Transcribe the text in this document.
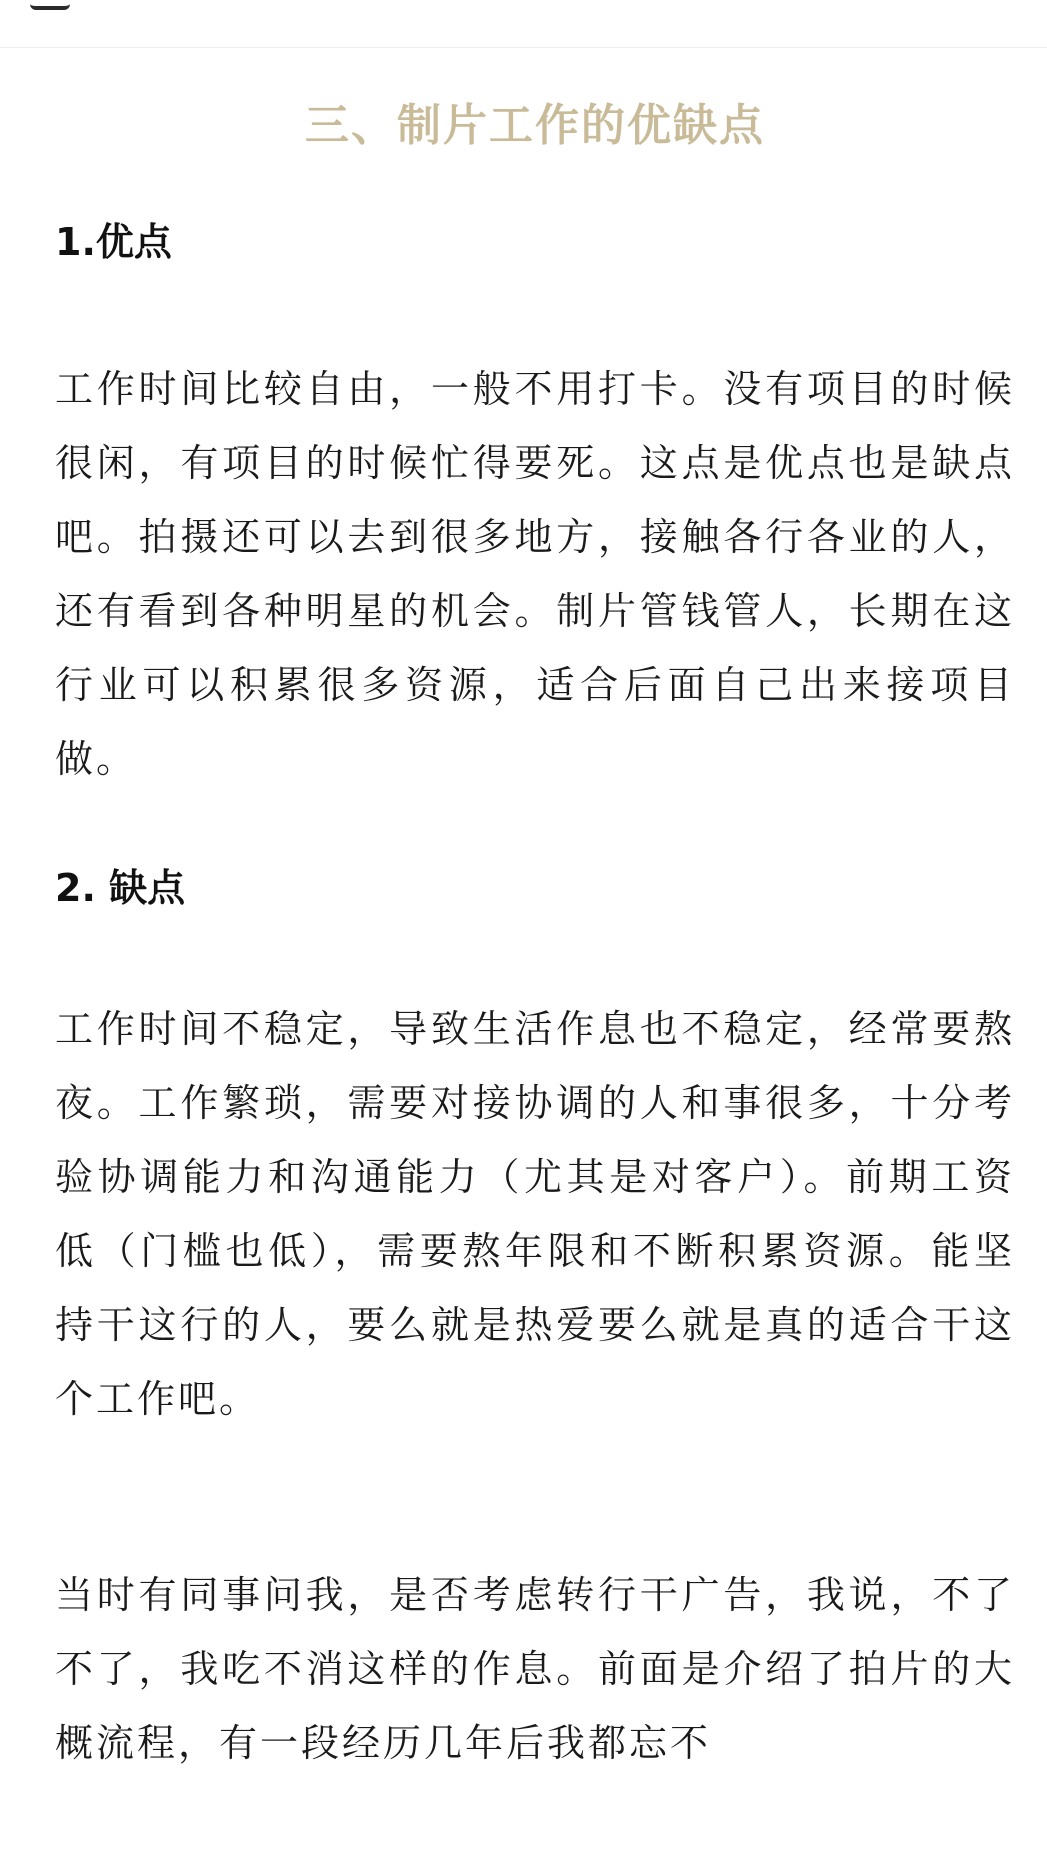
三、制片工作的优缺点
1.优点

工作时间比较自由，一般不用打卡。没有项目的时候很闲，有项目的时候忙得要死。这点是优点也是缺点吧。拍摄还可以去到很多地方，接触各行各业的人，还有看到各种明星的机会。制片管钱管人，长期在这行业可以积累很多资源，适合后面自己出来接项目做。

2. 缺点

工作时间不稳定，导致生活作息也不稳定，经常要熬夜。工作繁琐，需要对接协调的人和事很多，十分考验协调能力和沟通能力（尤其是对客户）。前期工资低（门槛也低），需要熬年限和不断积累资源。能坚持干这行的人，要么就是热爱要么就是真的适合干这个工作吧。

当时有同事问我，是否考虑转行干广告，我说，不了不了，我吃不消这样的作息。前面是介绍了拍片的大概流程，有一段经历几年后我都忘不
